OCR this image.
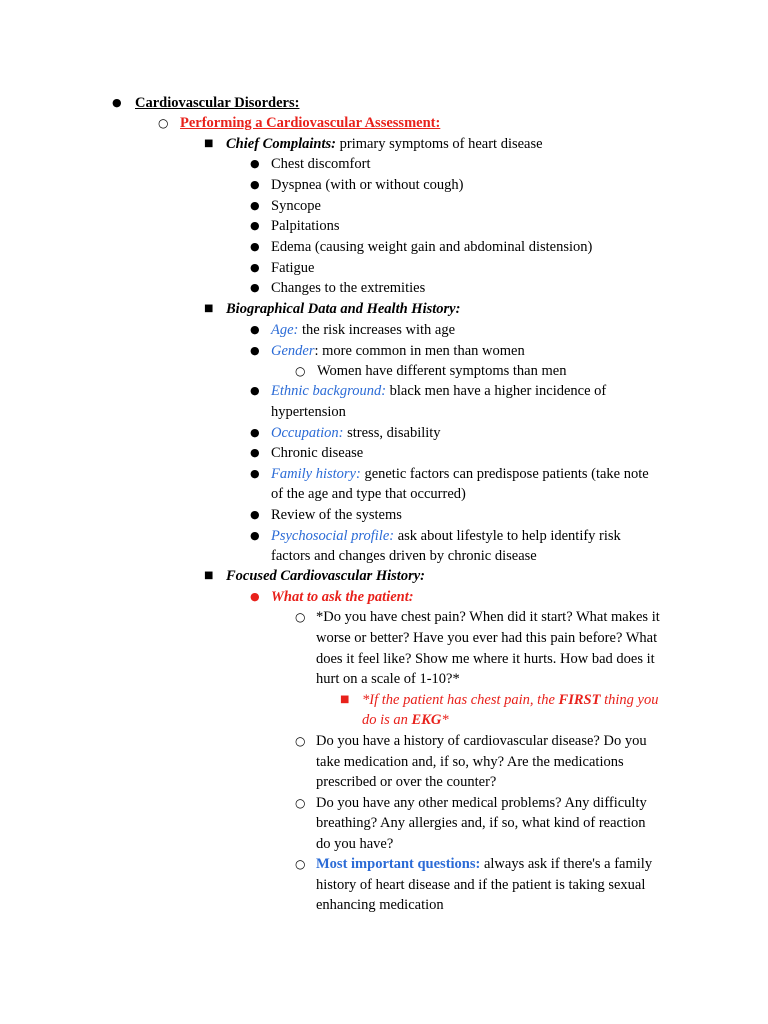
● Cardiovascular Disorders:
○ Performing a Cardiovascular Assessment:
■ Chief Complaints: primary symptoms of heart disease
● Chest discomfort
● Dyspnea (with or without cough)
● Syncope
● Palpitations
● Edema (causing weight gain and abdominal distension)
● Fatigue
● Changes to the extremities
■ Biographical Data and Health History:
● Age: the risk increases with age
● Gender: more common in men than women
○ Women have different symptoms than men
● Ethnic background: black men have a higher incidence of
hypertension
● Occupation: stress, disability
● Chronic disease
● Family history: genetic factors can predispose patients (take note
of the age and type that occurred)
● Review of the systems
● Psychosocial profile: ask about lifestyle to help identify risk
factors and changes driven by chronic disease
■ Focused Cardiovascular History:
● What to ask the patient:
○ *Do you have chest pain? When did it start? What makes it
worse or better? Have you ever had this pain before? What
does it feel like? Show me where it hurts. How bad does it
hurt on a scale of 1-10?*
■ *If the patient has chest pain, the FIRST thing you
do is an EKG*
○ Do you have a history of cardiovascular disease? Do you
take medication and, if so, why? Are the medications
prescribed or over the counter?
○ Do you have any other medical problems? Any difficulty
breathing? Any allergies and, if so, what kind of reaction
do you have?
○ Most important questions: always ask if there's a family
history of heart disease and if the patient is taking sexual
enhancing medication
